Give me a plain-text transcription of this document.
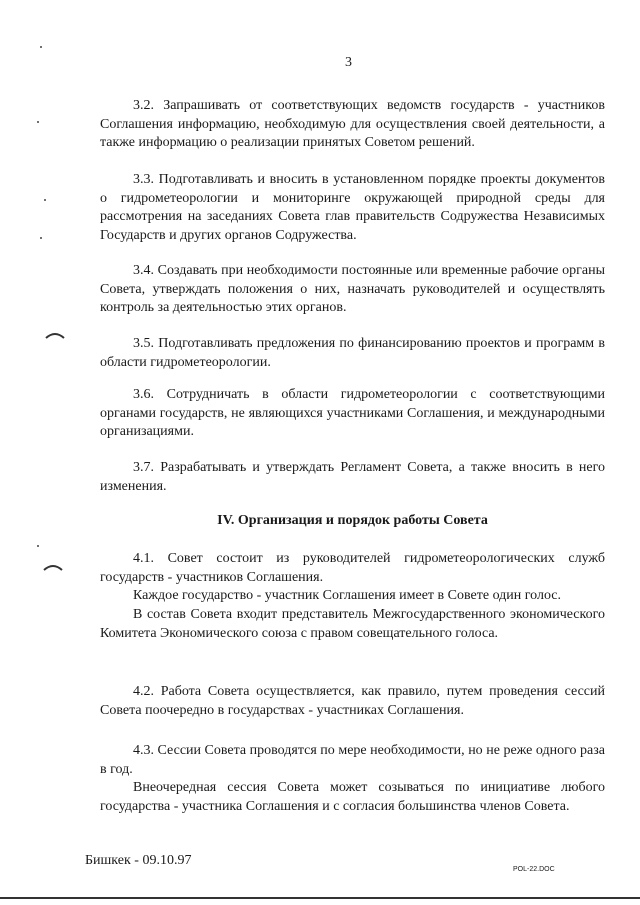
3

3.2. Запрашивать от соответствующих ведомств государств - участников Соглашения информацию, необходимую для осуществления своей деятельности, а также информацию о реализации принятых Советом решений.

3.3. Подготавливать и вносить в установленном порядке проекты документов о гидрометеорологии и мониторинге окружающей природной среды для рассмотрения на заседаниях Совета глав правительств Содружества Независимых Государств и других органов Содружества.

3.4. Создавать при необходимости постоянные или временные рабочие органы Совета, утверждать положения о них, назначать руководителей и осуществлять контроль за деятельностью этих органов.

3.5. Подготавливать предложения по финансированию проектов и программ в области гидрометеорологии.

3.6. Сотрудничать в области гидрометеорологии с соответствующими органами государств, не являющихся участниками Соглашения, и международными организациями.

3.7. Разрабатывать и утверждать Регламент Совета, а также вносить в него изменения.

IV. Организация и порядок работы Совета

4.1. Совет состоит из руководителей гидрометеорологических служб государств - участников Соглашения.

Каждое государство - участник Соглашения имеет в Совете один голос.

В состав Совета входит представитель Межгосударственного экономического Комитета Экономического союза с правом совещательного голоса.

4.2. Работа Совета осуществляется, как правило, путем проведения сессий Совета поочередно в государствах - участниках Соглашения.

4.3. Сессии Совета проводятся по мере необходимости, но не реже одного раза в год.

Внеочередная сессия Совета может созываться по инициативе любого государства - участника Соглашения и с согласия большинства членов Совета.

Бишкек - 09.10.97
POL-22.DOC
